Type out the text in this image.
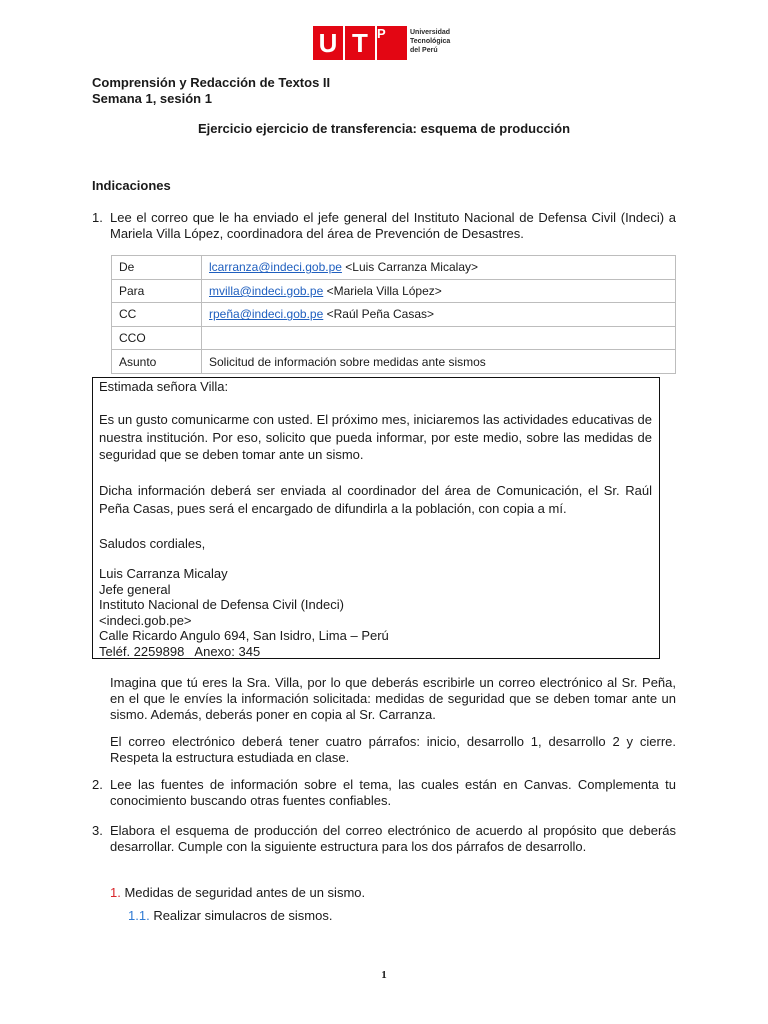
U T P	Universidad
Tecnológica
del Perú
Comprensión y Redacción de Textos II
Semana 1, sesión 1
Ejercicio ejercicio de transferencia: esquema de producción
Indicaciones
1. Lee el correo que le ha enviado el jefe general del Instituto Nacional de Defensa Civil (Indeci) a Mariela Villa López, coordinadora del área de Prevención de Desastres.
De	lcarranza@indeci.gob.pe <Luis Carranza Micalay>
Para	mvilla@indeci.gob.pe <Mariela Villa López>
CC	rpeña@indeci.gob.pe <Raúl Peña Casas>
CCO	
Asunto	Solicitud de información sobre medidas ante sismos
Estimada señora Villa:
Es un gusto comunicarme con usted. El próximo mes, iniciaremos las actividades educativas de nuestra institución. Por eso, solicito que pueda informar, por este medio, sobre las medidas de seguridad que se deben tomar ante un sismo.
Dicha información deberá ser enviada al coordinador del área de Comunicación, el Sr. Raúl Peña Casas, pues será el encargado de difundirla a la población, con copia a mí.
Saludos cordiales,
Luis Carranza Micalay
Jefe general
Instituto Nacional de Defensa Civil (Indeci)
<indeci.gob.pe>
Calle Ricardo Angulo 694, San Isidro, Lima – Perú
Teléf. 2259898   Anexo: 345
Imagina que tú eres la Sra. Villa, por lo que deberás escribirle un correo electrónico al Sr. Peña, en el que le envíes la información solicitada: medidas de seguridad que se deben tomar ante un sismo. Además, deberás poner en copia al Sr. Carranza.
El correo electrónico deberá tener cuatro párrafos: inicio, desarrollo 1, desarrollo 2 y cierre. Respeta la estructura estudiada en clase.
2. Lee las fuentes de información sobre el tema, las cuales están en Canvas. Complementa tu conocimiento buscando otras fuentes confiables.
3. Elabora el esquema de producción del correo electrónico de acuerdo al propósito que deberás desarrollar. Cumple con la siguiente estructura para los dos párrafos de desarrollo.
1. Medidas de seguridad antes de un sismo.
1.1. Realizar simulacros de sismos.
1
